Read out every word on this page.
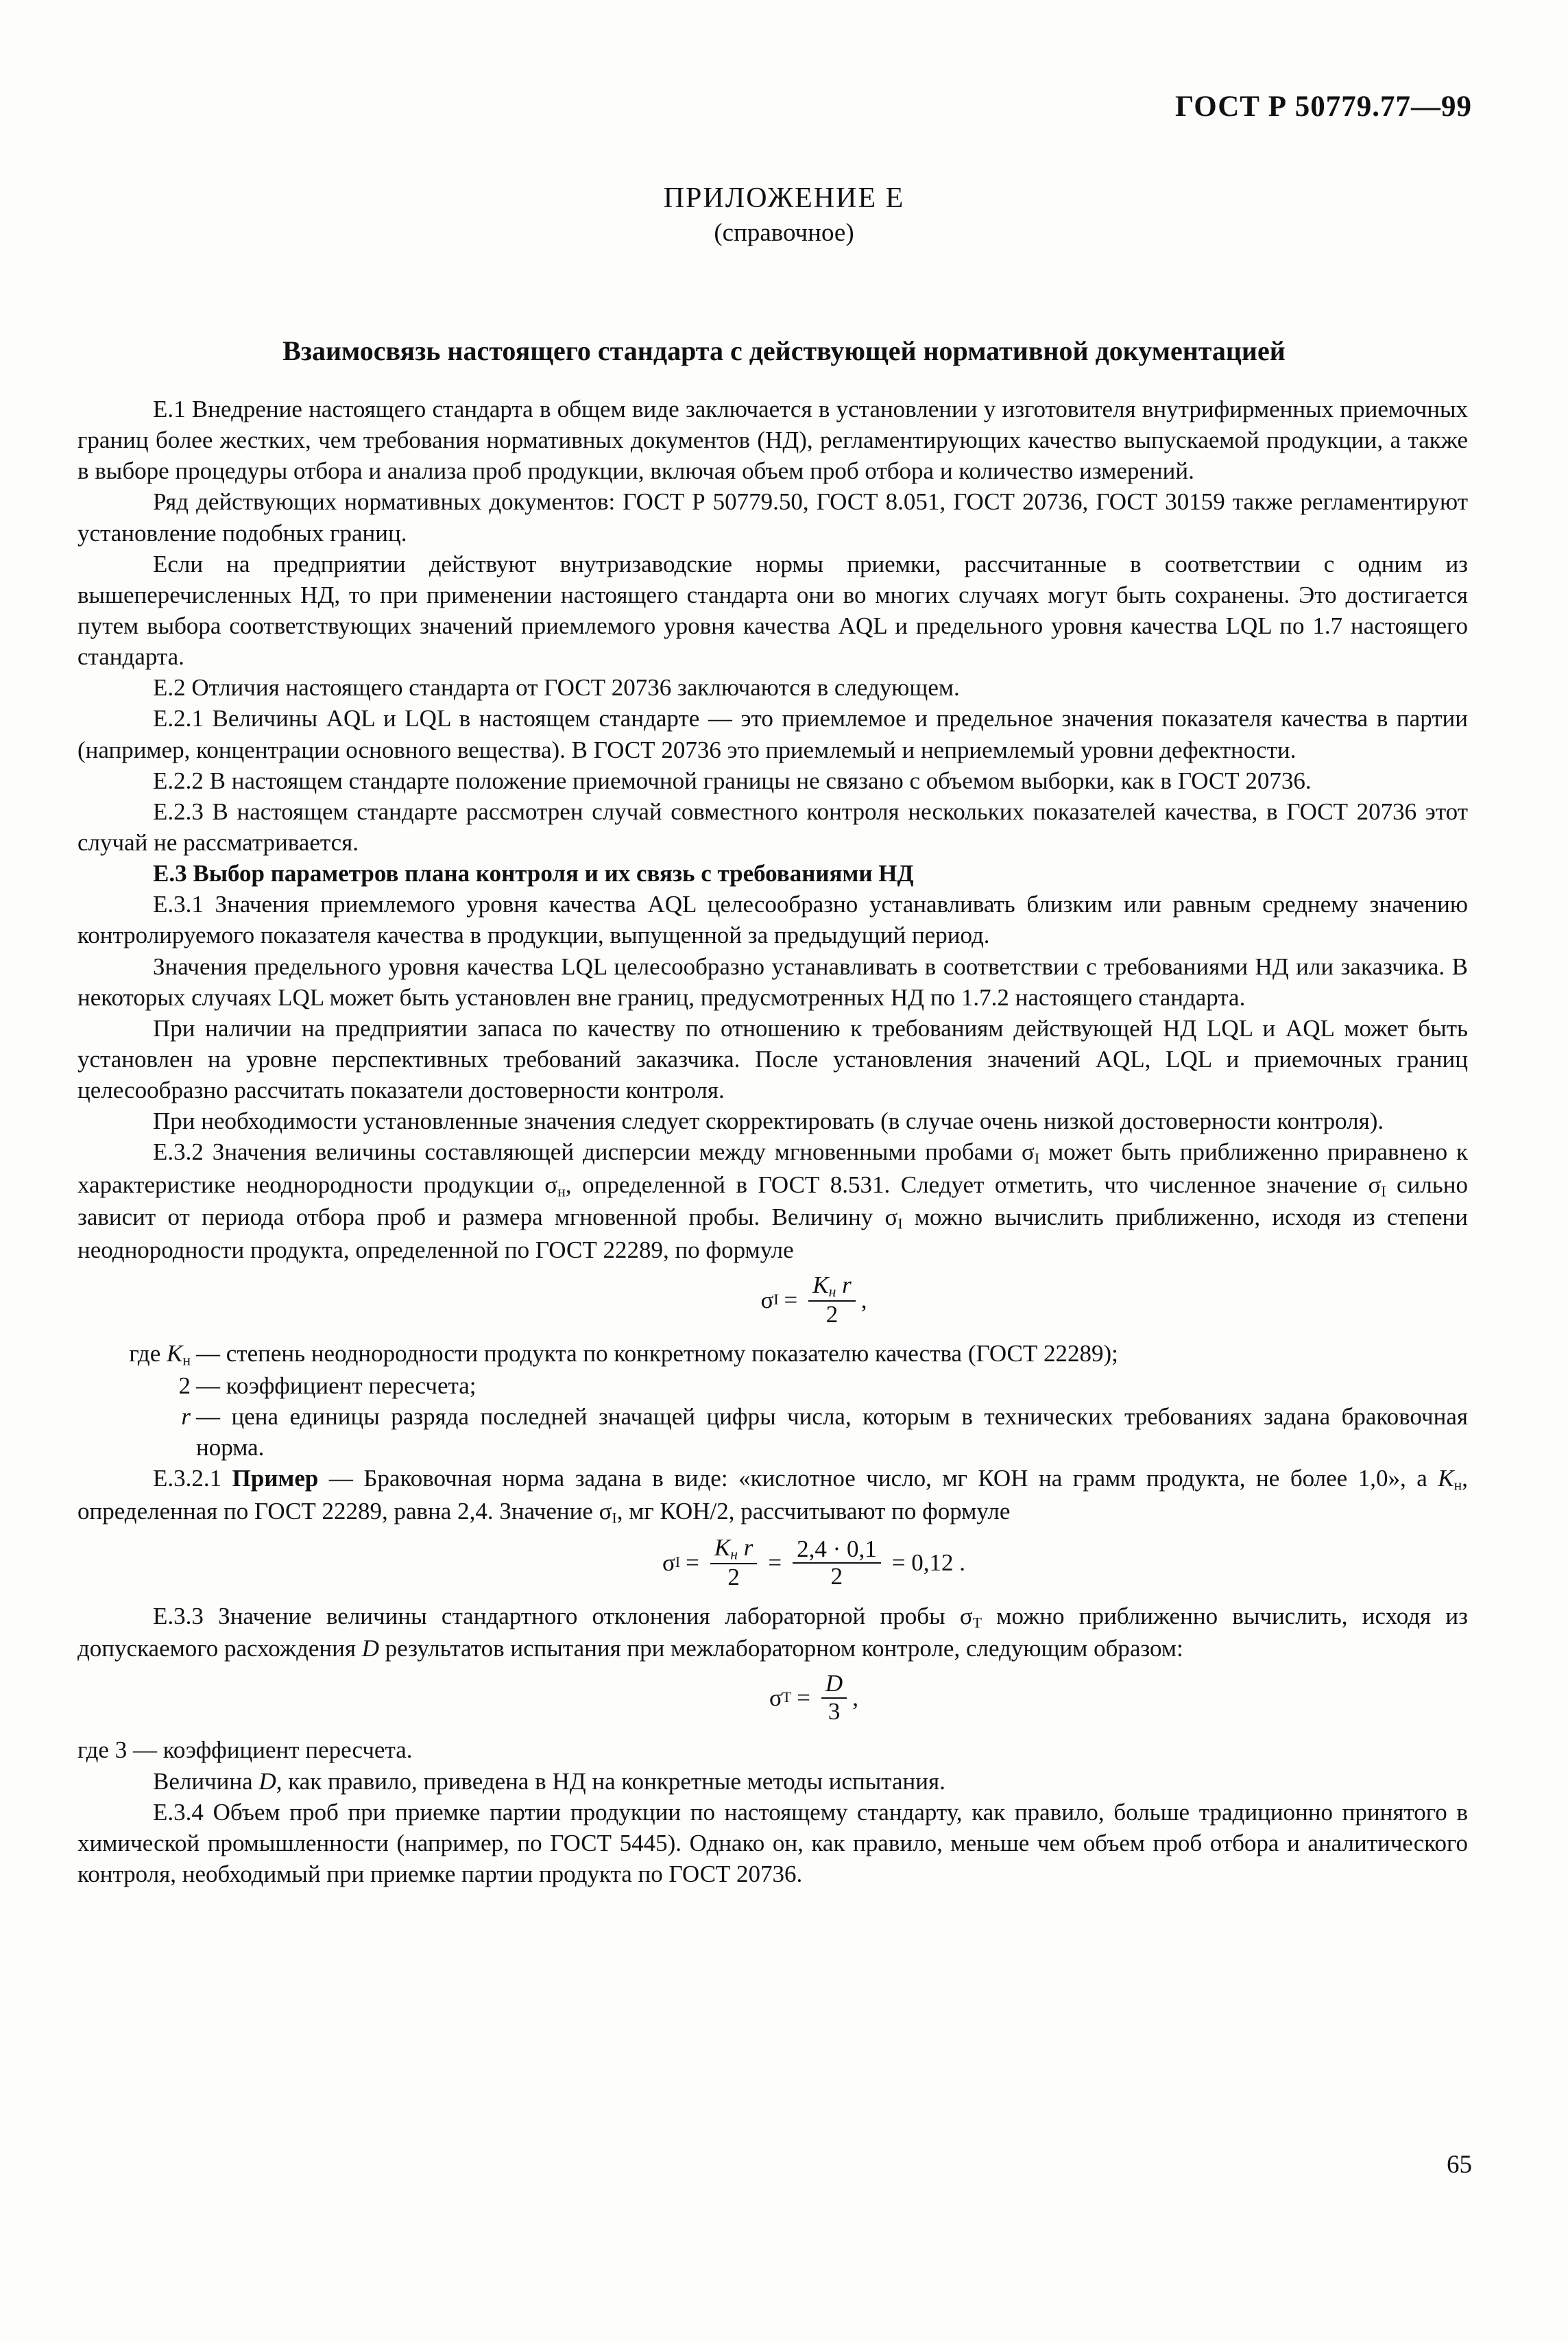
ГОСТ Р 50779.77—99
ПРИЛОЖЕНИЕ Е
(справочное)
Взаимосвязь настоящего стандарта с действующей нормативной документацией

Е.1 Внедрение настоящего стандарта в общем виде заключается в установлении у изготовителя внутрифирменных приемочных границ более жестких, чем требования нормативных документов (НД), регламентирующих качество выпускаемой продукции, а также в выборе процедуры отбора и анализа проб продукции, включая объем проб отбора и количество измерений.

Ряд действующих нормативных документов: ГОСТ Р 50779.50, ГОСТ 8.051, ГОСТ 20736, ГОСТ 30159 также регламентируют установление подобных границ.

Если на предприятии действуют внутризаводские нормы приемки, рассчитанные в соответствии с одним из вышеперечисленных НД, то при применении настоящего стандарта они во многих случаях могут быть сохранены. Это достигается путем выбора соответствующих значений приемлемого уровня качества AQL и предельного уровня качества LQL по 1.7 настоящего стандарта.

Е.2 Отличия настоящего стандарта от ГОСТ 20736 заключаются в следующем.

Е.2.1 Величины AQL и LQL в настоящем стандарте — это приемлемое и предельное значения показателя качества в партии (например, концентрации основного вещества). В ГОСТ 20736 это приемлемый и неприемлемый уровни дефектности.

Е.2.2 В настоящем стандарте положение приемочной границы не связано с объемом выборки, как в ГОСТ 20736.

Е.2.3 В настоящем стандарте рассмотрен случай совместного контроля нескольких показателей качества, в ГОСТ 20736 этот случай не рассматривается.

Е.3 Выбор параметров плана контроля и их связь с требованиями НД

Е.3.1 Значения приемлемого уровня качества AQL целесообразно устанавливать близким или равным среднему значению контролируемого показателя качества в продукции, выпущенной за предыдущий период.

Значения предельного уровня качества LQL целесообразно устанавливать в соответствии с требованиями НД или заказчика. В некоторых случаях LQL может быть установлен вне границ, предусмотренных НД по 1.7.2 настоящего стандарта.

При наличии на предприятии запаса по качеству по отношению к требованиям действующей НД LQL и AQL может быть установлен на уровне перспективных требований заказчика. После установления значений AQL, LQL и приемочных границ целесообразно рассчитать показатели достоверности контроля.

При необходимости установленные значения следует скорректировать (в случае очень низкой достоверности контроля).

Е.3.2 Значения величины составляющей дисперсии между мгновенными пробами $\sigma_I$ может быть приближенно приравнено к характеристике неоднородности продукции $\sigma_н$, определенной в ГОСТ 8.531. Следует отметить, что численное значение $\sigma_I$ сильно зависит от периода отбора проб и размера мгновенной пробы. Величину $\sigma_I$ можно вычислить приближенно, исходя из степени неоднородности продукта, определенной по ГОСТ 22289, по формуле

σ $I = \frac{K_н r}{2}$ ,
где $K_н$ — степень неоднородности продукта по конкретному показателю качества (ГОСТ 22289);
2 — коэффициент пересчета;
r — цена единицы разряда последней значащей цифры числа, которым в технических требованиях задана браковочная норма.

Е.3.2.1 Пример — Браковочная норма задана в виде: «кислотное число, мг КОН на грамм продукта, не более 1,0», а $K_н$, определенная по ГОСТ 22289, равна 2,4. Значение $\sigma_I$, мг КОН/2, рассчитывают по формуле

σ $I = \frac{K_н r}{2} = \frac{2,4 \cdot 0,1}{2} = 0,12$ .

Е.3.3 Значение величины стандартного отклонения лабораторной пробы $\sigma_T$ можно приближенно вычислить, исходя из допускаемого расхождения D результатов испытания при межлабораторном контроле, следующим образом:

σ $T = \frac{D}{3}$ ,

где 3 — коэффициент пересчета.

Величина D, как правило, приведена в НД на конкретные методы испытания.

Е.3.4 Объем проб при приемке партии продукции по настоящему стандарту, как правило, больше традиционно принятого в химической промышленности (например, по ГОСТ 5445). Однако он, как правило, меньше чем объем проб отбора и аналитического контроля, необходимый при приемке партии продукта по ГОСТ 20736.

65
